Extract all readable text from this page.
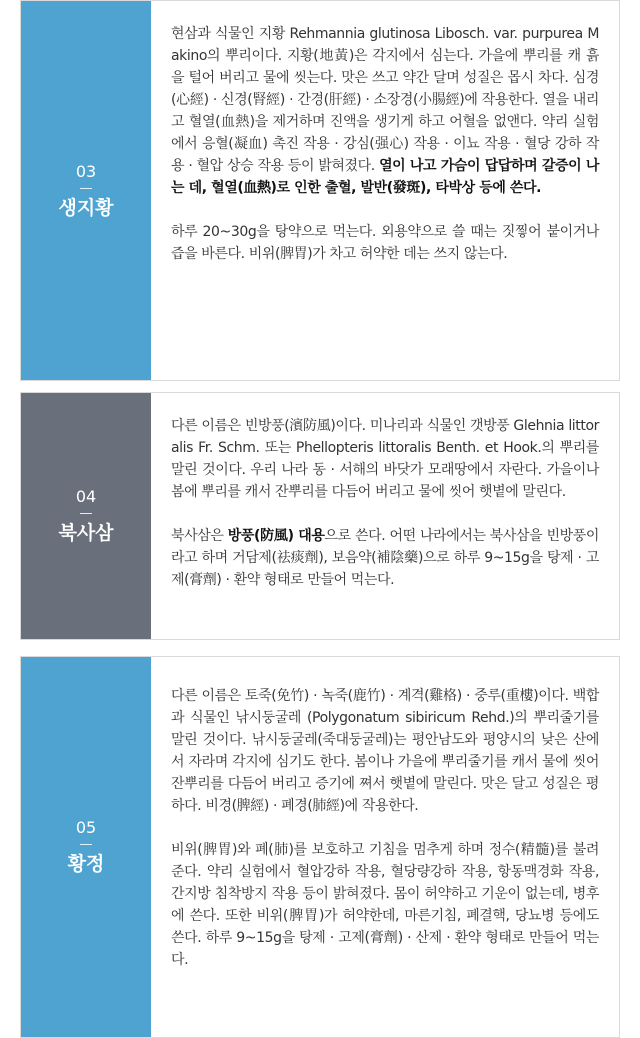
03
생지황

현삼과 식물인 지황 Rehmannia glutinosa Libosch. var. purpurea Makino의 뿌리이다. 지황(地黃)은 각지에서 심는다. 가을에 뿌리를 캐 흙을 털어 버리고 물에 씻는다. 맛은 쓰고 약간 달며 성질은 몹시 차다. 심경(心經) · 신경(腎經) · 간경(肝經) · 소장경(小腸經)에 작용한다. 열을 내리고 혈열(血熱)을 제거하며 진액을 생기게 하고 어혈을 없앤다. 약리 실험에서 응혈(凝血) 촉진 작용 · 강심(强心) 작용 · 이뇨 작용 · 혈당 강하 작용 · 혈압 상승 작용 등이 밝혀졌다. 열이 나고 가슴이 답답하며 갈증이 나는 데, 혈열(血熱)로 인한 출혈, 발반(發斑), 타박상 등에 쓴다.

하루 20~30g을 탕약으로 먹는다. 외용약으로 쓸 때는 짓찧어 붙이거나 즙을 바른다. 비위(脾胃)가 차고 허약한 데는 쓰지 않는다.

04
북사삼

다른 이름은 빈방풍(濱防風)이다. 미나리과 식물인 갯방풍 Glehnia littoralis Fr. Schm. 또는 Phellopteris littoralis Benth. et Hook.의 뿌리를 말린 것이다. 우리 나라 동 · 서해의 바닷가 모래땅에서 자란다. 가을이나 봄에 뿌리를 캐서 잔뿌리를 다듬어 버리고 물에 씻어 햇볕에 말린다.

북사삼은 방풍(防風) 대용으로 쓴다. 어떤 나라에서는 북사삼을 빈방풍이라고 하며 거담제(祛痰劑), 보음약(補陰藥)으로 하루 9~15g을 탕제 · 고제(膏劑) · 환약 형태로 만들어 먹는다.

05
황정

다른 이름은 토죽(免竹) · 녹죽(鹿竹) · 계격(雞格) · 중루(重樓)이다. 백합과 식물인 낚시둥굴레 (Polygonatum sibiricum Rehd.)의 뿌리줄기를 말린 것이다. 낚시둥굴레(죽대둥굴레)는 평안남도와 평양시의 낮은 산에서 자라며 각지에 심기도 한다. 봄이나 가을에 뿌리줄기를 캐서 물에 씻어 잔뿌리를 다듬어 버리고 증기에 쪄서 햇볕에 말린다. 맛은 달고 성질은 평하다. 비경(脾經) · 폐경(肺經)에 작용한다.

비위(脾胃)와 폐(肺)를 보호하고 기침을 멈추게 하며 정수(精髓)를 불려준다. 약리 실험에서 혈압강하 작용, 혈당량강하 작용, 항동맥경화 작용, 간지방 침착방지 작용 등이 밝혀졌다. 몸이 허약하고 기운이 없는데, 병후에 쓴다. 또한 비위(脾胃)가 허약한데, 마른기침, 폐결핵, 당뇨병 등에도 쓴다. 하루 9~15g을 탕제 · 고제(膏劑) · 산제 · 환약 형태로 만들어 먹는다.
